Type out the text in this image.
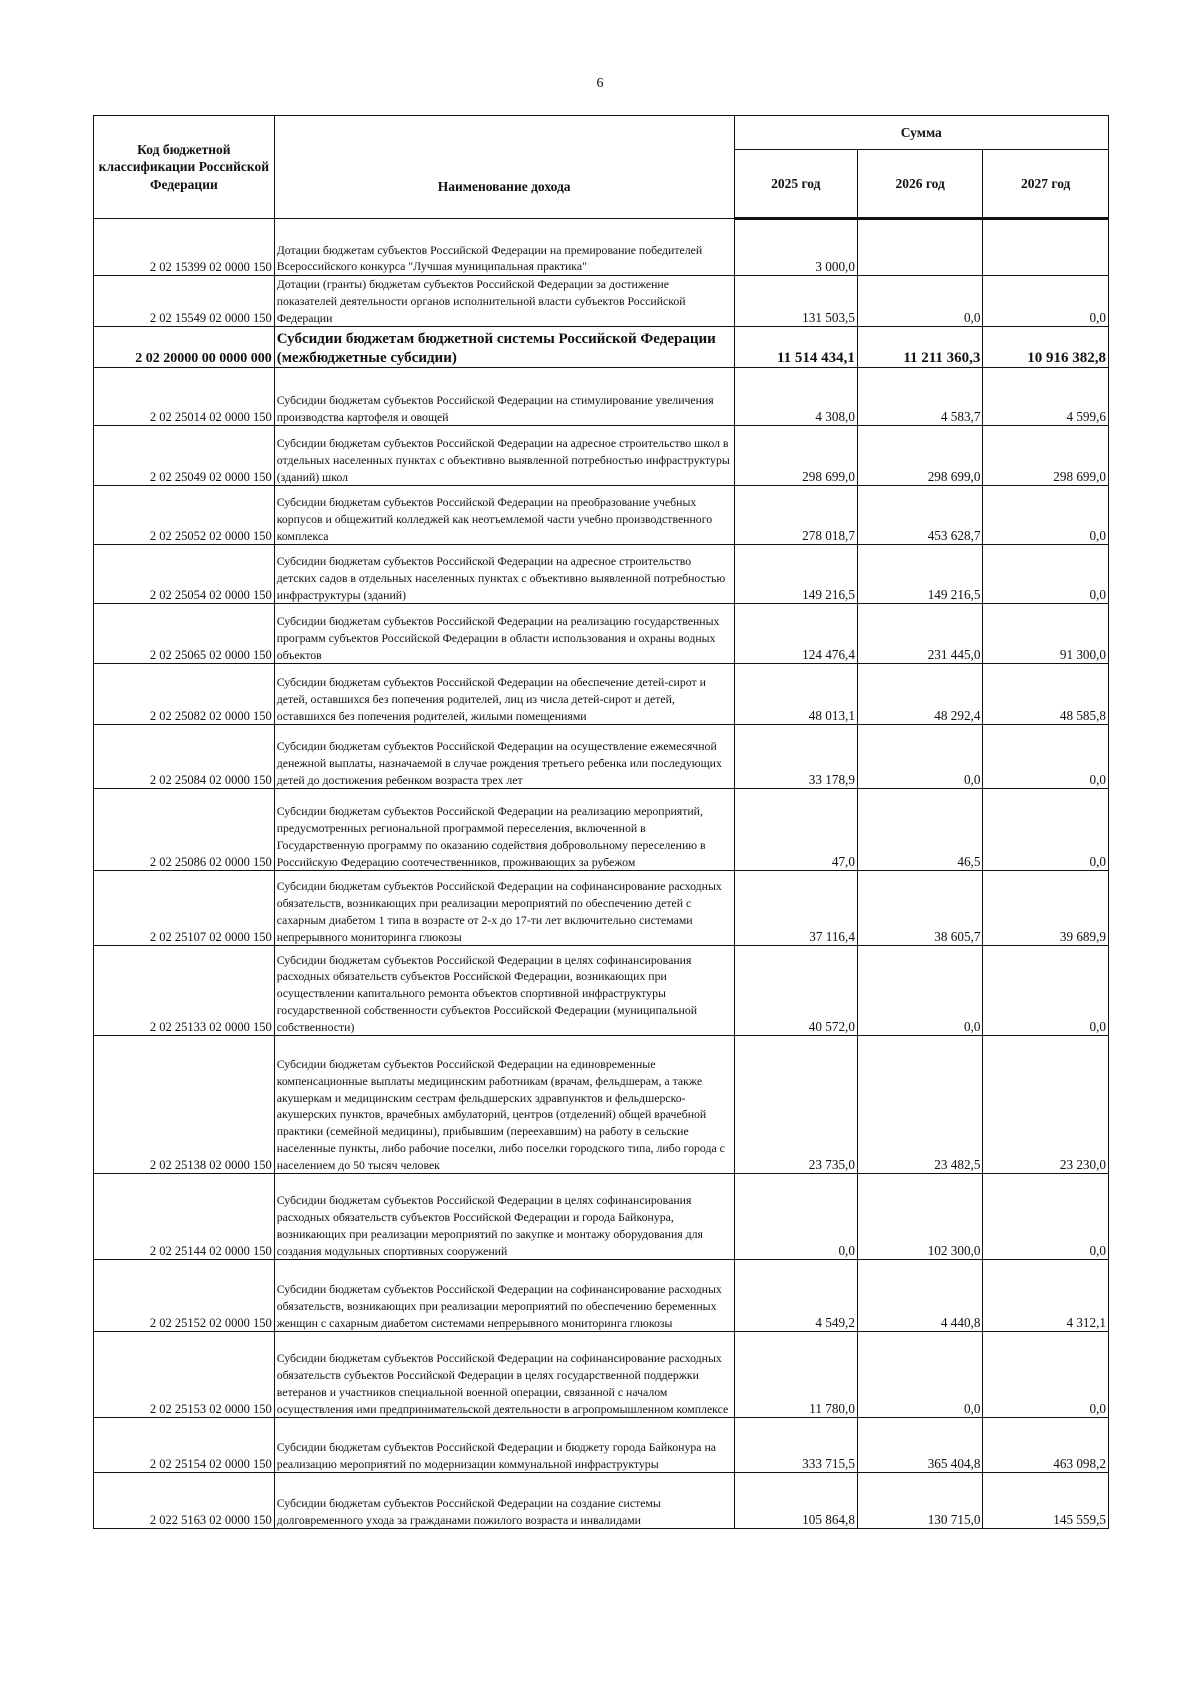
6
Код бюджетной классификации Российской Федерации	Наименование дохода	Сумма		
		2025 год	2026 год	2027 год
2 02 15399 02 0000 150	Дотации бюджетам субъектов Российской Федерации на премирование победителей Всероссийского конкурса "Лучшая муниципальная практика"	3 000,0		
2 02 15549 02 0000 150	Дотации (гранты) бюджетам субъектов Российской Федерации за достижение показателей деятельности органов исполнительной власти субъектов Российской Федерации	131 503,5	0,0	0,0
2 02 20000 00 0000 000	Субсидии бюджетам бюджетной системы Российской Федерации (межбюджетные субсидии)	11 514 434,1	11 211 360,3	10 916 382,8
2 02 25014 02 0000 150	Субсидии бюджетам субъектов Российской Федерации на стимулирование увеличения производства картофеля и овощей	4 308,0	4 583,7	4 599,6
2 02 25049 02 0000 150	Субсидии бюджетам субъектов Российской Федерации на адресное строительство школ в отдельных населенных пунктах с объективно выявленной потребностью инфраструктуры (зданий) школ	298 699,0	298 699,0	298 699,0
2 02 25052 02 0000 150	Субсидии бюджетам субъектов Российской Федерации на преобразование учебных корпусов и общежитий колледжей как неотъемлемой части учебно производственного комплекса	278 018,7	453 628,7	0,0
2 02 25054 02 0000 150	Субсидии бюджетам субъектов Российской Федерации на адресное строительство детских садов в отдельных населенных пунктах с объективно выявленной потребностью инфраструктуры (зданий)	149 216,5	149 216,5	0,0
2 02 25065 02 0000 150	Субсидии бюджетам субъектов Российской Федерации на реализацию государственных программ субъектов Российской Федерации в области использования и охраны водных объектов	124 476,4	231 445,0	91 300,0
2 02 25082 02 0000 150	Субсидии бюджетам субъектов Российской Федерации на обеспечение детей-сирот и детей, оставшихся без попечения родителей, лиц из числа детей-сирот и детей, оставшихся без попечения родителей, жилыми помещениями	48 013,1	48 292,4	48 585,8
2 02 25084 02 0000 150	Субсидии бюджетам субъектов Российской Федерации на осуществление ежемесячной денежной выплаты, назначаемой в случае рождения третьего ребенка или последующих детей до достижения ребенком возраста трех лет	33 178,9	0,0	0,0
2 02 25086 02 0000 150	Субсидии бюджетам субъектов Российской Федерации на реализацию мероприятий, предусмотренных региональной программой переселения, включенной в Государственную программу по оказанию содействия добровольному переселению в Российскую Федерацию соотечественников, проживающих за рубежом	47,0	46,5	0,0
2 02 25107 02 0000 150	Субсидии бюджетам субъектов Российской Федерации на софинансирование расходных обязательств, возникающих при реализации мероприятий по обеспечению детей с сахарным диабетом 1 типа в возрасте от 2-х до 17-ти лет включительно системами непрерывного мониторинга глюкозы	37 116,4	38 605,7	39 689,9
2 02 25133 02 0000 150	Субсидии бюджетам субъектов Российской Федерации в целях софинансирования расходных обязательств субъектов Российской Федерации, возникающих при осуществлении капитального ремонта объектов спортивной инфраструктуры государственной собственности субъектов Российской Федерации (муниципальной собственности)	40 572,0	0,0	0,0
2 02 25138 02 0000 150	Субсидии бюджетам субъектов Российской Федерации на единовременные компенсационные выплаты медицинским работникам (врачам, фельдшерам, а также акушеркам и медицинским сестрам фельдшерских здравпунктов и фельдшерско-акушерских пунктов, врачебных амбулаторий, центров (отделений) общей врачебной практики (семейной медицины), прибывшим (переехавшим) на работу в сельские населенные пункты, либо рабочие поселки, либо поселки городского типа, либо города с населением до 50 тысяч человек	23 735,0	23 482,5	23 230,0
2 02 25144 02 0000 150	Субсидии бюджетам субъектов Российской Федерации в целях софинансирования расходных обязательств субъектов Российской Федерации и города Байконура, возникающих при реализации мероприятий по закупке и монтажу оборудования для создания модульных спортивных сооружений	0,0	102 300,0	0,0
2 02 25152 02 0000 150	Субсидии бюджетам субъектов Российской Федерации на софинансирование расходных обязательств, возникающих при реализации мероприятий по обеспечению беременных женщин с сахарным диабетом системами непрерывного мониторинга глюкозы	4 549,2	4 440,8	4 312,1
2 02 25153 02 0000 150	Субсидии бюджетам субъектов Российской Федерации на софинансирование расходных обязательств субъектов Российской Федерации в целях государственной поддержки ветеранов и участников специальной военной операции, связанной с началом осуществления ими предпринимательской деятельности в агропромышленном комплексе	11 780,0	0,0	0,0
2 02 25154 02 0000 150	Субсидии бюджетам субъектов Российской Федерации и бюджету города Байконура на реализацию мероприятий по модернизации коммунальной инфраструктуры	333 715,5	365 404,8	463 098,2
2 022 5163 02 0000 150	Субсидии бюджетам субъектов Российской Федерации на создание системы долговременного ухода за гражданами пожилого возраста и инвалидами	105 864,8	130 715,0	145 559,5
